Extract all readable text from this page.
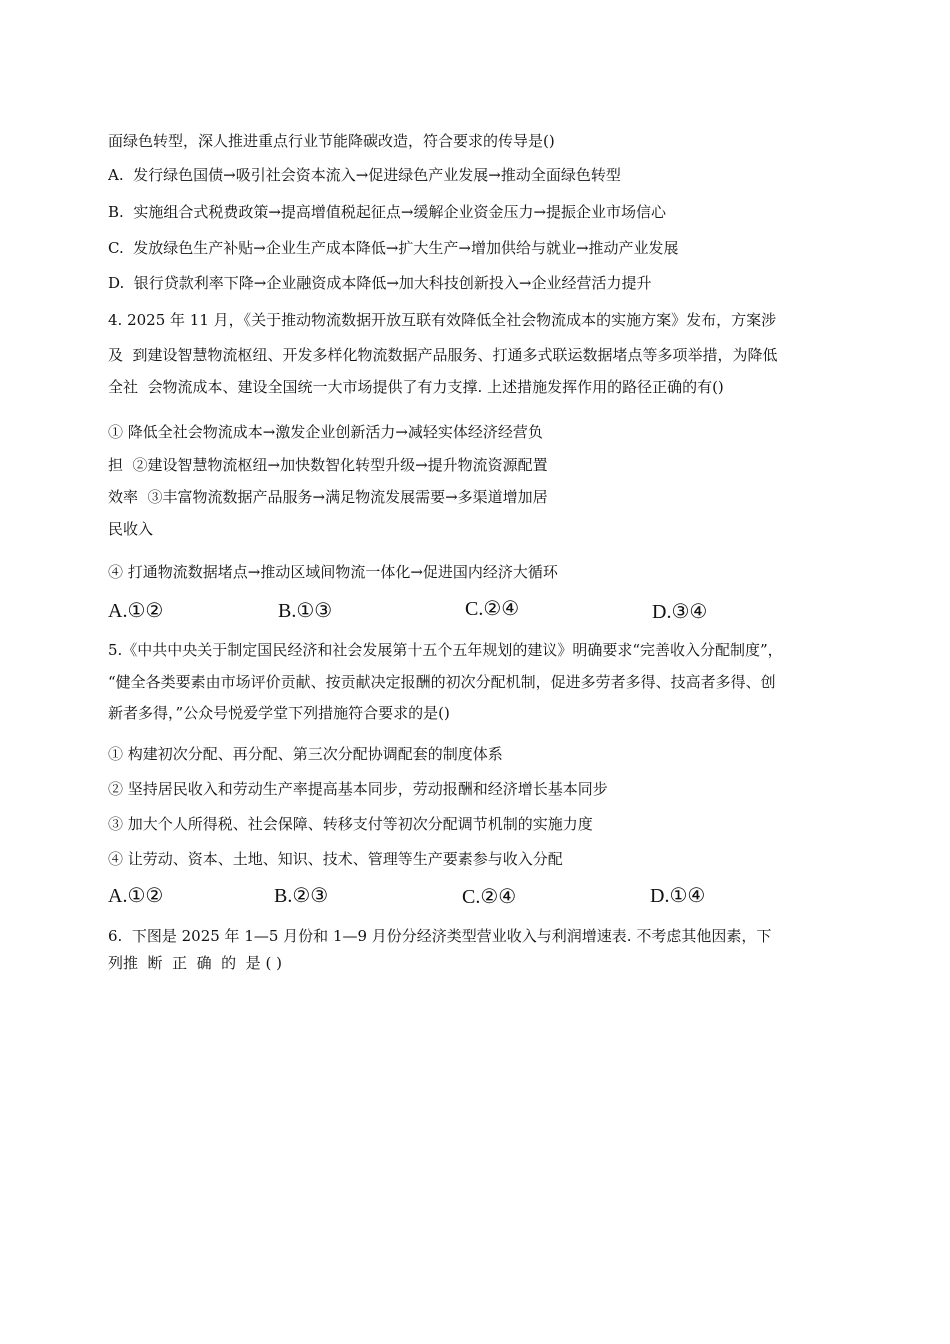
面绿色转型，深人推进重点行业节能降碳改造，符合要求的传导是()
A.  发行绿色国债→吸引社会资本流入→促进绿色产业发展→推动全面绿色转型
B.  实施组合式税费政策→提高增值税起征点→缓解企业资金压力→提振企业市场信心
C.  发放绿色生产补贴→企业生产成本降低→扩大生产→增加供给与就业→推动产业发展
D.  银行贷款利率下降→企业融资成本降低→加大科技创新投入→企业经营活力提升
4. 2025 年 11 月，《关于推动物流数据开放互联有效降低全社会物流成本的实施方案》发布，方案涉
及  到建设智慧物流枢纽、开发多样化物流数据产品服务、打通多式联运数据堵点等多项举措，为降低
全社  会物流成本、建设全国统一大市场提供了有力支撑. 上述措施发挥作用的路径正确的有()
① 降低全社会物流成本→激发企业创新活力→减轻实体经济经营负
担  ②建设智慧物流枢纽→加快数智化转型升级→提升物流资源配置
效率  ③丰富物流数据产品服务→满足物流发展需要→多渠道增加居
民收入
④ 打通物流数据堵点→推动区域间物流一体化→促进国内经济大循环
A.①②	B.①③	C.②④	D.③④
5.《中共中央关于制定国民经济和社会发展第十五个五年规划的建议》明确要求“完善收入分配制度”，
“健全各类要素由市场评价贡献、按贡献决定报酬的初次分配机制，促进多劳者多得、技高者多得、创
新者多得，”公众号悦爱学堂下列措施符合要求的是()
① 构建初次分配、再分配、第三次分配协调配套的制度体系
② 坚持居民收入和劳动生产率提高基本同步，劳动报酬和经济增长基本同步
③ 加大个人所得税、社会保障、转移支付等初次分配调节机制的实施力度
④ 让劳动、资本、土地、知识、技术、管理等生产要素参与收入分配
A.①②	B.②③	C.②④	D.①④
6.  下图是 2025 年 1—5 月份和 1—9 月份分经济类型营业收入与利润增速表. 不考虑其他因素，下
列推  断  正  确  的  是 ( )
